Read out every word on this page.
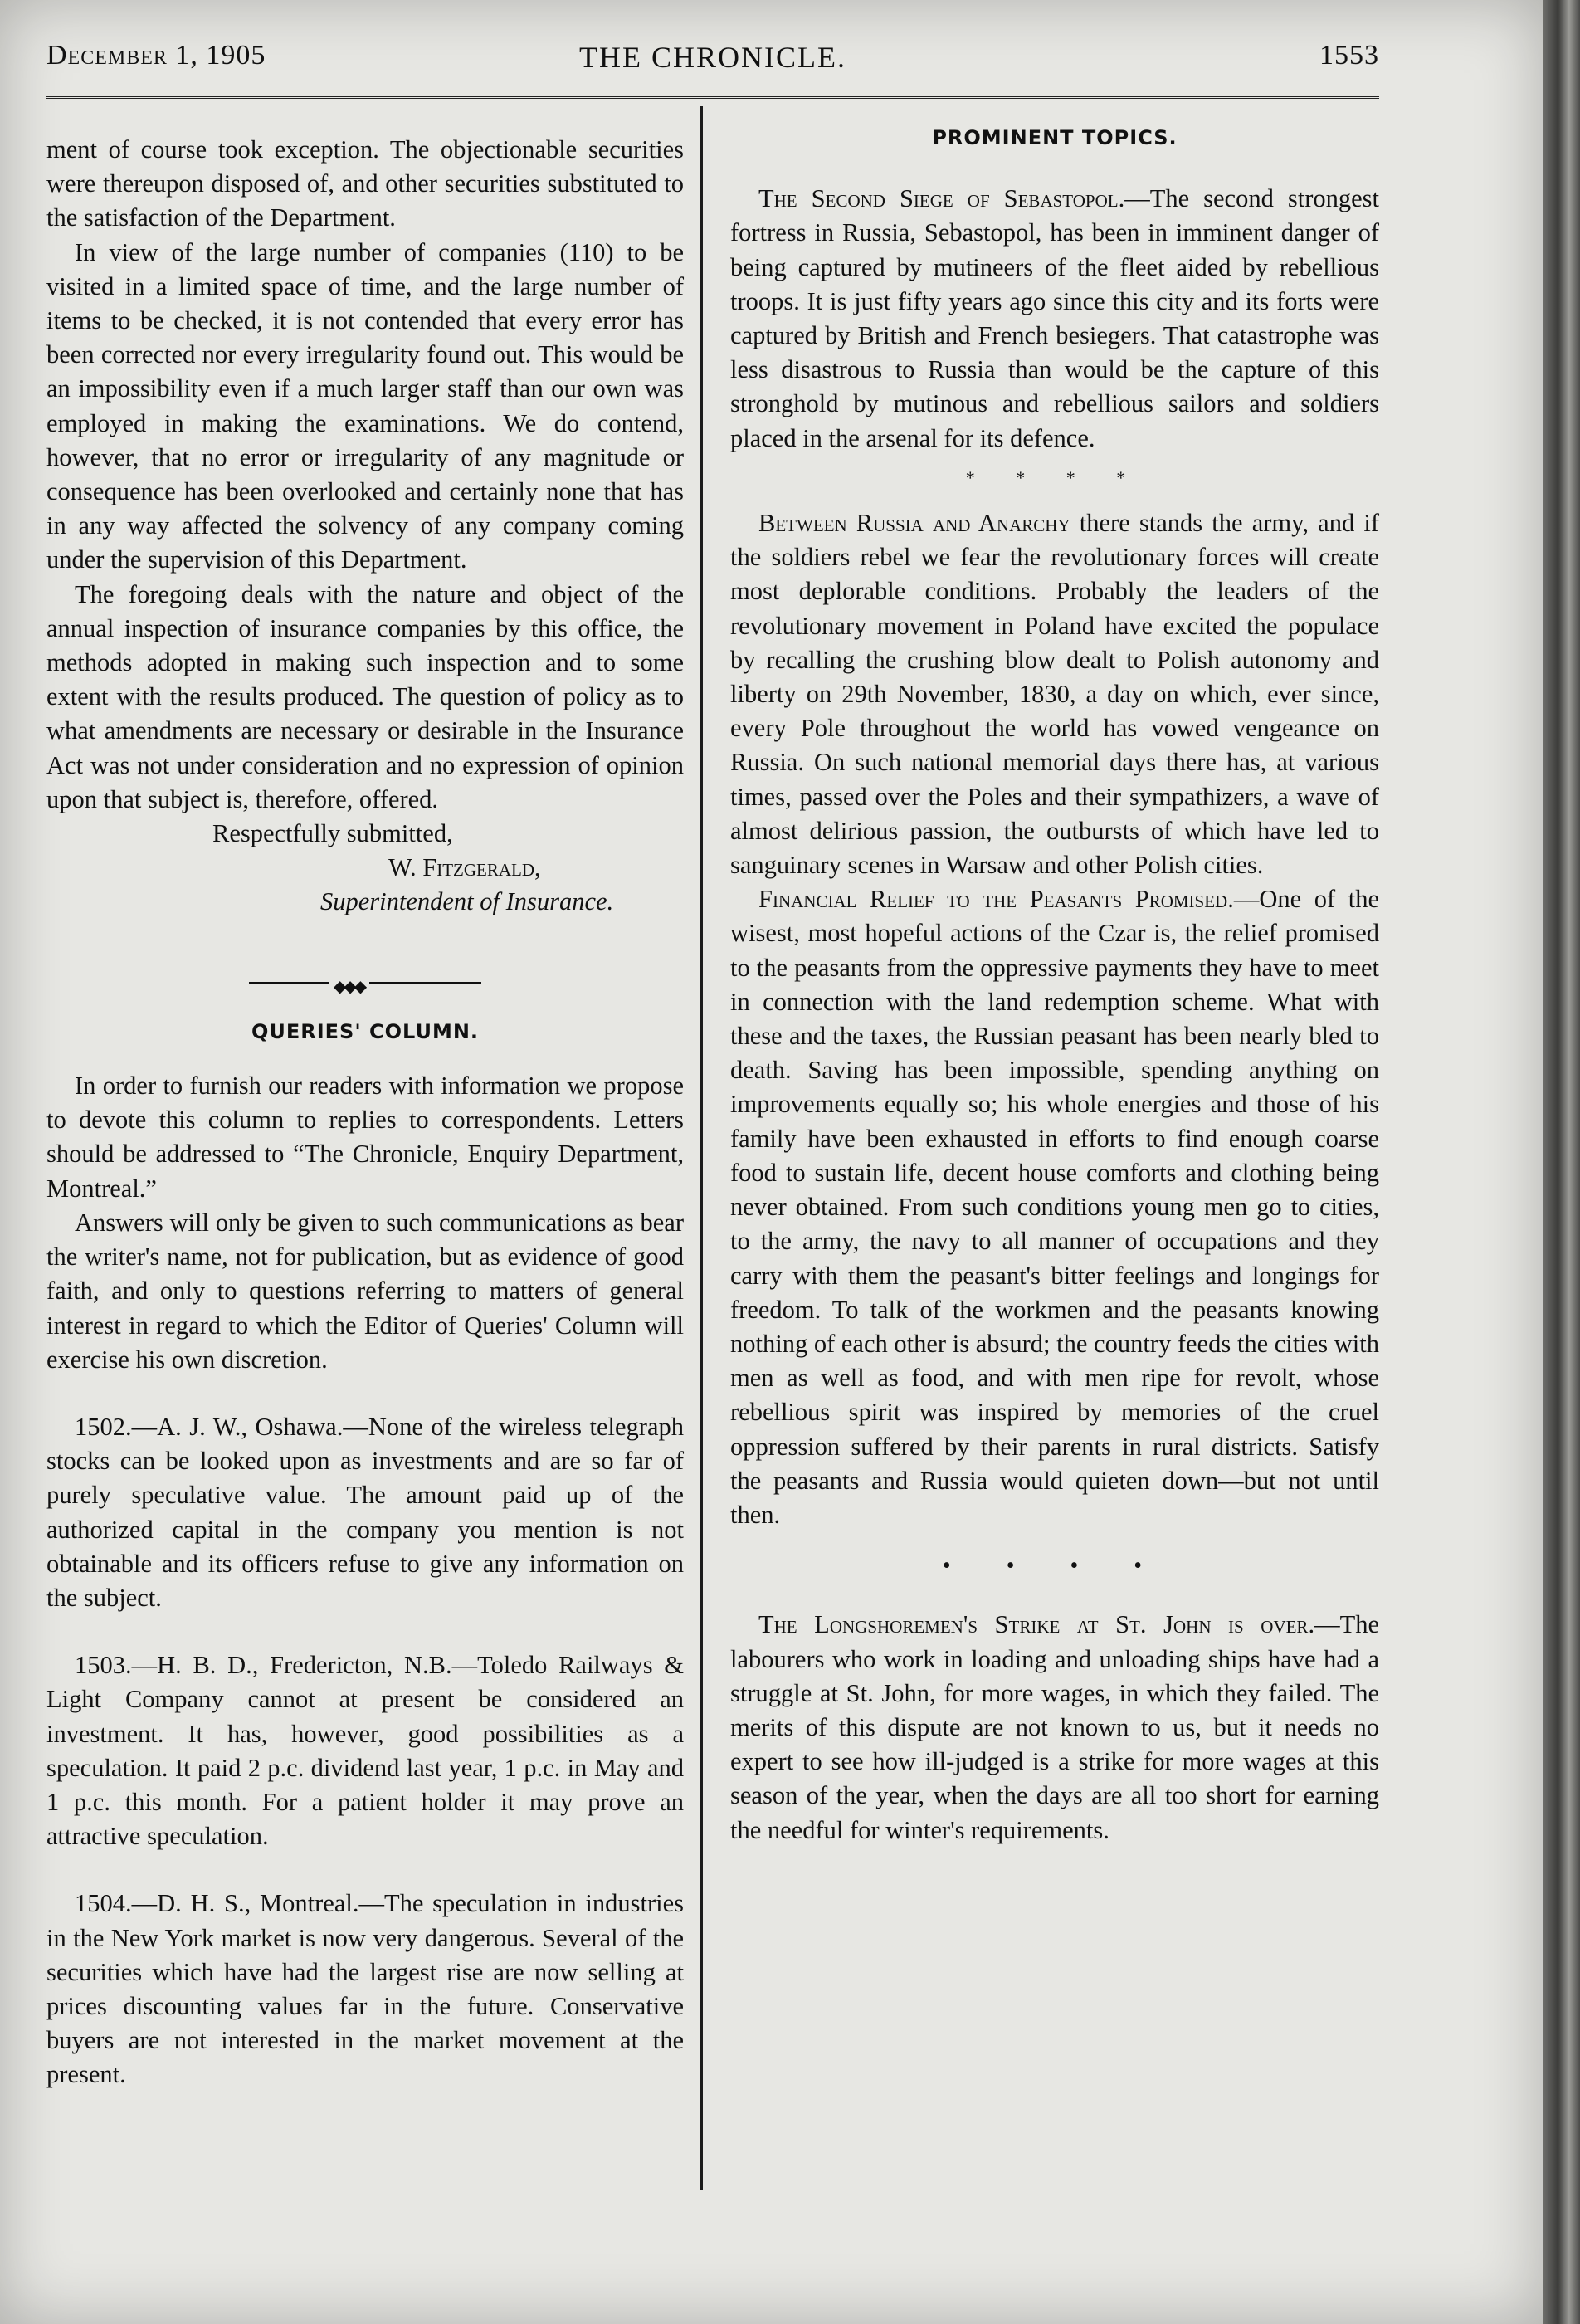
December 1, 1905	THE CHRONICLE.	1553

ment of course took exception. The objectionable securities were thereupon disposed of, and other securities substituted to the satisfaction of the Department.

In view of the large number of companies (110) to be visited in a limited space of time, and the large number of items to be checked, it is not contended that every error has been corrected nor every irregularity found out. This would be an impossibility even if a much larger staff than our own was employed in making the examinations. We do contend, however, that no error or irregularity of any magnitude or consequence has been overlooked and certainly none that has in any way affected the solvency of any company coming under the supervision of this Department.

The foregoing deals with the nature and object of the annual inspection of insurance companies by this office, the methods adopted in making such inspection and to some extent with the results produced. The question of policy as to what amendments are necessary or desirable in the Insurance Act was not under consideration and no expression of opinion upon that subject is, therefore, offered.

Respectfully submitted,

W. Fitzgerald,

Superintendent of Insurance.

◆◆◆

QUERIES' COLUMN.

In order to furnish our readers with information we propose to devote this column to replies to correspondents. Letters should be addressed to “The Chronicle, Enquiry Department, Montreal.”

Answers will only be given to such communications as bear the writer's name, not for publication, but as evidence of good faith, and only to questions referring to matters of general interest in regard to which the Editor of Queries' Column will exercise his own discretion.

1502.—A. J. W., Oshawa.—None of the wireless telegraph stocks can be looked upon as investments and are so far of purely speculative value. The amount paid up of the authorized capital in the company you mention is not obtainable and its officers refuse to give any information on the subject.

1503.—H. B. D., Fredericton, N.B.—Toledo Railways & Light Company cannot at present be considered an investment. It has, however, good possibilities as a speculation. It paid 2 p.c. dividend last year, 1 p.c. in May and 1 p.c. this month. For a patient holder it may prove an attractive speculation.

1504.—D. H. S., Montreal.—The speculation in industries in the New York market is now very dangerous. Several of the securities which have had the largest rise are now selling at prices discounting values far in the future. Conservative buyers are not interested in the market movement at the present.

PROMINENT TOPICS.

The Second Siege of Sebastopol.—The second strongest fortress in Russia, Sebastopol, has been in imminent danger of being captured by mutineers of the fleet aided by rebellious troops. It is just fifty years ago since this city and its forts were captured by British and French besiegers. That catastrophe was less disastrous to Russia than would be the capture of this stronghold by mutinous and rebellious sailors and soldiers placed in the arsenal for its defence.

* * * *

Between Russia and Anarchy there stands the army, and if the soldiers rebel we fear the revolutionary forces will create most deplorable conditions. Probably the leaders of the revolutionary movement in Poland have excited the populace by recalling the crushing blow dealt to Polish autonomy and liberty on 29th November, 1830, a day on which, ever since, every Pole throughout the world has vowed vengeance on Russia. On such national memorial days there has, at various times, passed over the Poles and their sympathizers, a wave of almost delirious passion, the outbursts of which have led to sanguinary scenes in Warsaw and other Polish cities.

Financial Relief to the Peasants Promised.—One of the wisest, most hopeful actions of the Czar is, the relief promised to the peasants from the oppressive payments they have to meet in connection with the land redemption scheme. What with these and the taxes, the Russian peasant has been nearly bled to death. Saving has been impossible, spending anything on improvements equally so; his whole energies and those of his family have been exhausted in efforts to find enough coarse food to sustain life, decent house comforts and clothing being never obtained. From such conditions young men go to cities, to the army, the navy to all manner of occupations and they carry with them the peasant's bitter feelings and longings for freedom. To talk of the workmen and the peasants knowing nothing of each other is absurd; the country feeds the cities with men as well as food, and with men ripe for revolt, whose rebellious spirit was inspired by memories of the cruel oppression suffered by their parents in rural districts. Satisfy the peasants and Russia would quieten down—but not until then.

• • • •

The Longshoremen's Strike at St. John is over.—The labourers who work in loading and unloading ships have had a struggle at St. John, for more wages, in which they failed. The merits of this dispute are not known to us, but it needs no expert to see how ill-judged is a strike for more wages at this season of the year, when the days are all too short for earning the needful for winter's requirements.
